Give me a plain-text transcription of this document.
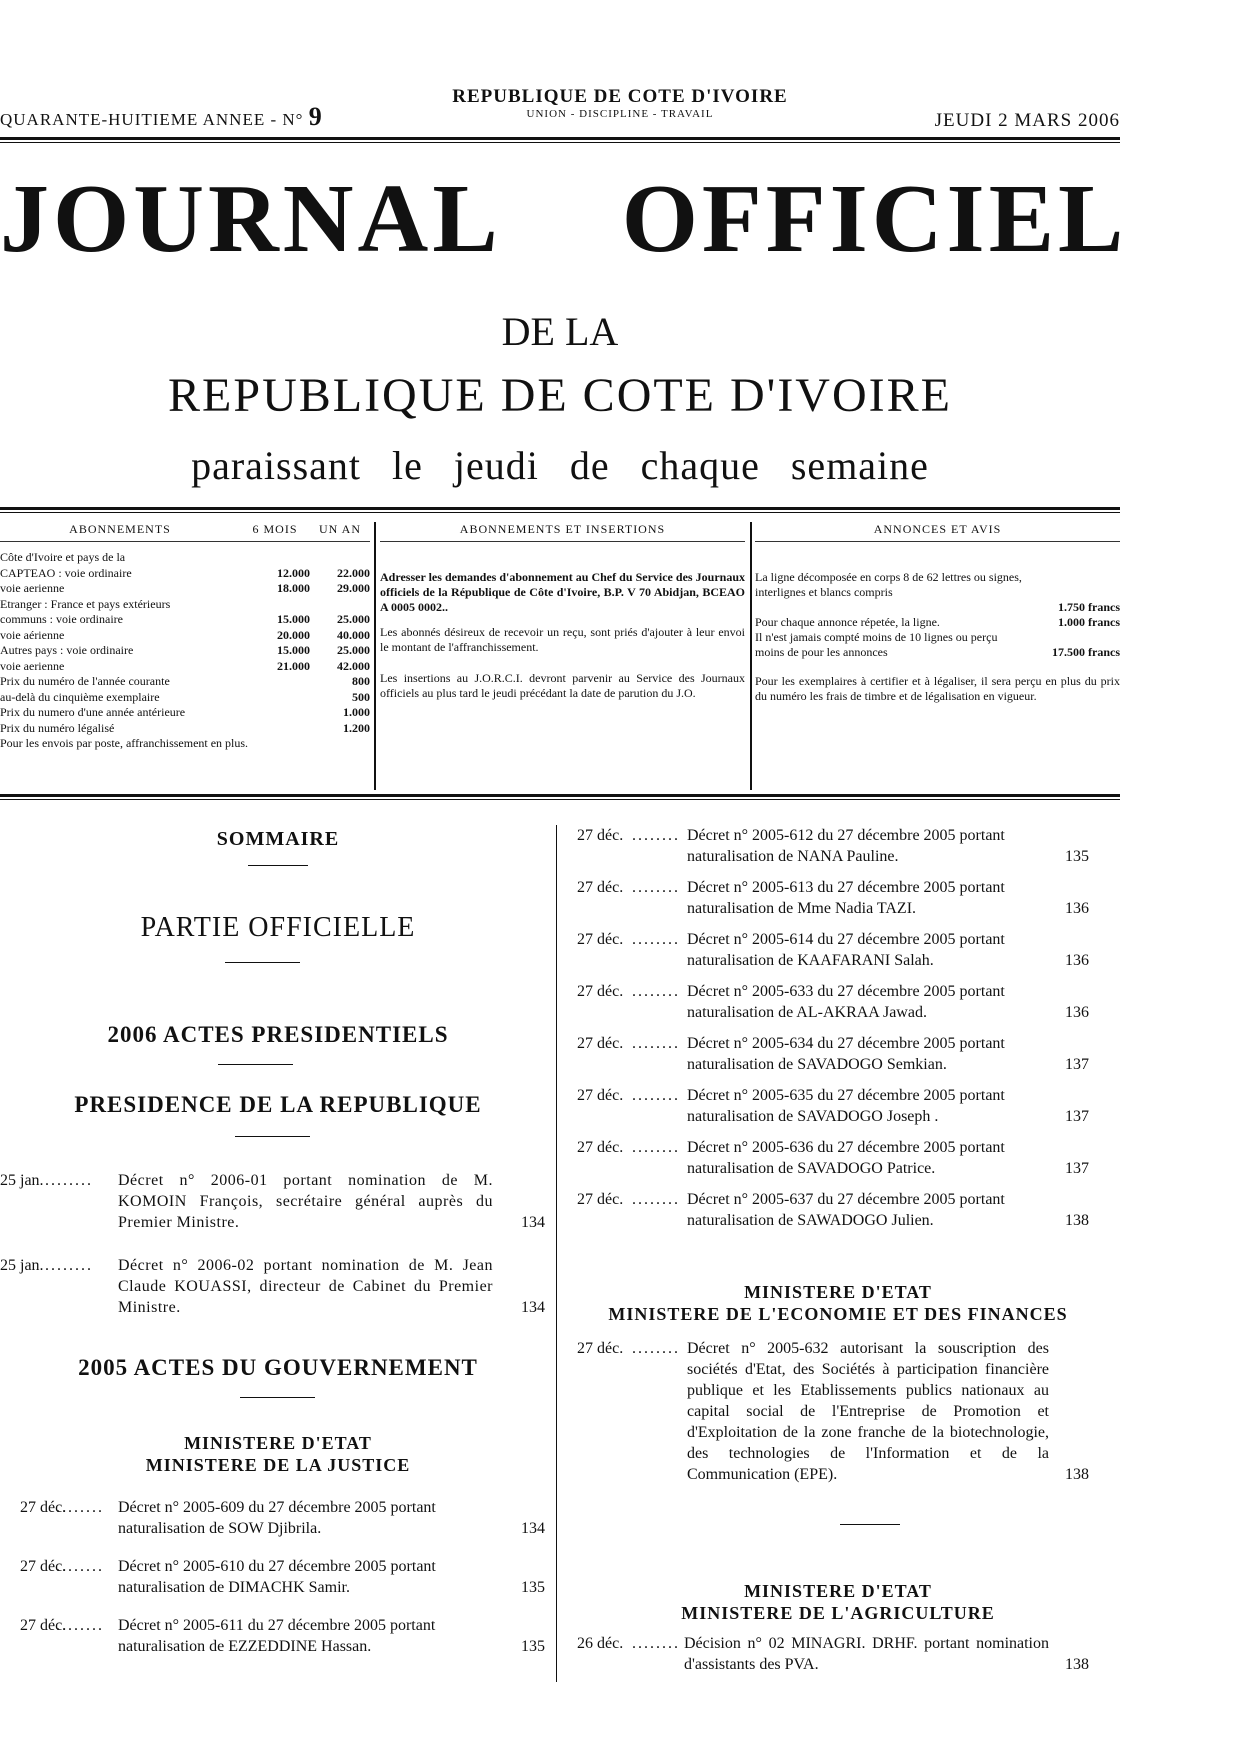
QUARANTE-HUITIEME ANNEE - N° 9
REPUBLIQUE DE COTE D'IVOIRE
UNION - DISCIPLINE - TRAVAIL	JEUDI 2 MARS 2006
JOURNAL OFFICIEL
DE LA
REPUBLIQUE DE COTE D'IVOIRE
paraissant le jeudi de chaque semaine
ABONNEMENTS	6 MOIS	UN AN
Côte d'Ivoire et pays de la
CAPTEAO : voie ordinaire	12.000	22.000
voie aerienne	18.000	29.000
Etranger : France et pays extérieurs
communs : voie ordinaire	15.000	25.000
voie aérienne	20.000	40.000
Autres pays : voie ordinaire	15.000	25.000
voie aerienne	21.000	42.000
Prix du numéro de l'année courante	800
au-delà du cinquième exemplaire	500
Prix du numero d'une année antérieure	1.000
Prix du numéro légalisé	1.200
Pour les envois par poste, affranchissement en plus.
ABONNEMENTS ET INSERTIONS
Adresser les demandes d'abonnement au Chef du Service des Journaux officiels de la République de Côte d'Ivoire, B.P. V 70 Abidjan, BCEAO A 0005 0002..
Les abonnés désireux de recevoir un reçu, sont priés d'ajouter à leur envoi le montant de l'affranchissement.
Les insertions au J.O.R.C.I. devront parvenir au Service des Journaux officiels au plus tard le jeudi précédant la date de parution du J.O.
ANNONCES ET AVIS
La ligne décomposée en corps 8 de 62 lettres ou signes, interlignes et blancs compris
1.750 francs
Pour chaque annonce répetée, la ligne.	1.000 francs
Il n'est jamais compté moins de 10 lignes ou perçu moins de pour les annonces	17.500 francs
Pour les exemplaires à certifier et à légaliser, il sera perçu en plus du prix du numéro les frais de timbre et de légalisation en vigueur.
SOMMAIRE
PARTIE OFFICIELLE
2006 ACTES PRESIDENTIELS
PRESIDENCE DE LA REPUBLIQUE
25 jan. ........ Décret n° 2006-01 portant nomination de M. KOMOIN François, secrétaire général auprès du Premier Ministre.	134
25 jan. ........ Décret n° 2006-02 portant nomination de M. Jean Claude KOUASSI, directeur de Cabinet du Premier Ministre.	134
2005 ACTES DU GOUVERNEMENT
MINISTERE D'ETAT
MINISTERE DE LA JUSTICE
27 déc.
........ Décret n° 2005-609 du 27 décembre 2005 portant
naturalisation de SOW Djibrila.	134
27 déc.
........ Décret n° 2005-610 du 27 décembre 2005 portant
naturalisation de DIMACHK Samir.	135
27 déc.
........ Décret n° 2005-611 du 27 décembre 2005 portant
naturalisation de EZZEDDINE Hassan.	135
27 déc. ........ Décret n° 2005-612 du 27 décembre 2005 portant
naturalisation de NANA Pauline.	135
27 déc. ........ Décret n° 2005-613 du 27 décembre 2005 portant
naturalisation de Mme Nadia TAZI.	136
27 déc. ........ Décret n° 2005-614 du 27 décembre 2005 portant
naturalisation de KAAFARANI Salah.	136
27 déc. ........ Décret n° 2005-633 du 27 décembre 2005 portant
naturalisation de AL-AKRAA Jawad.	136
27 déc. ........ Décret n° 2005-634 du 27 décembre 2005 portant
naturalisation de SAVADOGO Semkian.	137
27 déc. ........ Décret n° 2005-635 du 27 décembre 2005 portant
naturalisation de SAVADOGO Joseph .	137
27 déc. ........ Décret n° 2005-636 du 27 décembre 2005 portant
naturalisation de SAVADOGO Patrice.	137
27 déc. ........ Décret n° 2005-637 du 27 décembre 2005 portant
naturalisation de SAWADOGO Julien.	138
MINISTERE D'ETAT
MINISTERE DE L'ECONOMIE ET DES FINANCES
27 déc. ........ Décret n° 2005-632 autorisant la souscription des sociétés d'Etat, des Sociétés à participation financière publique et les Etablissements publics nationaux au capital social de l'Entreprise de Promotion et d'Exploitation de la zone franche de la biotechnologie, des technologies de l'Information et de la Communication (EPE).	138
MINISTERE D'ETAT
MINISTERE DE L'AGRICULTURE
26 déc. ........ Décision n° 02 MINAGRI. DRHF. portant nomination d'assistants des PVA.	138
